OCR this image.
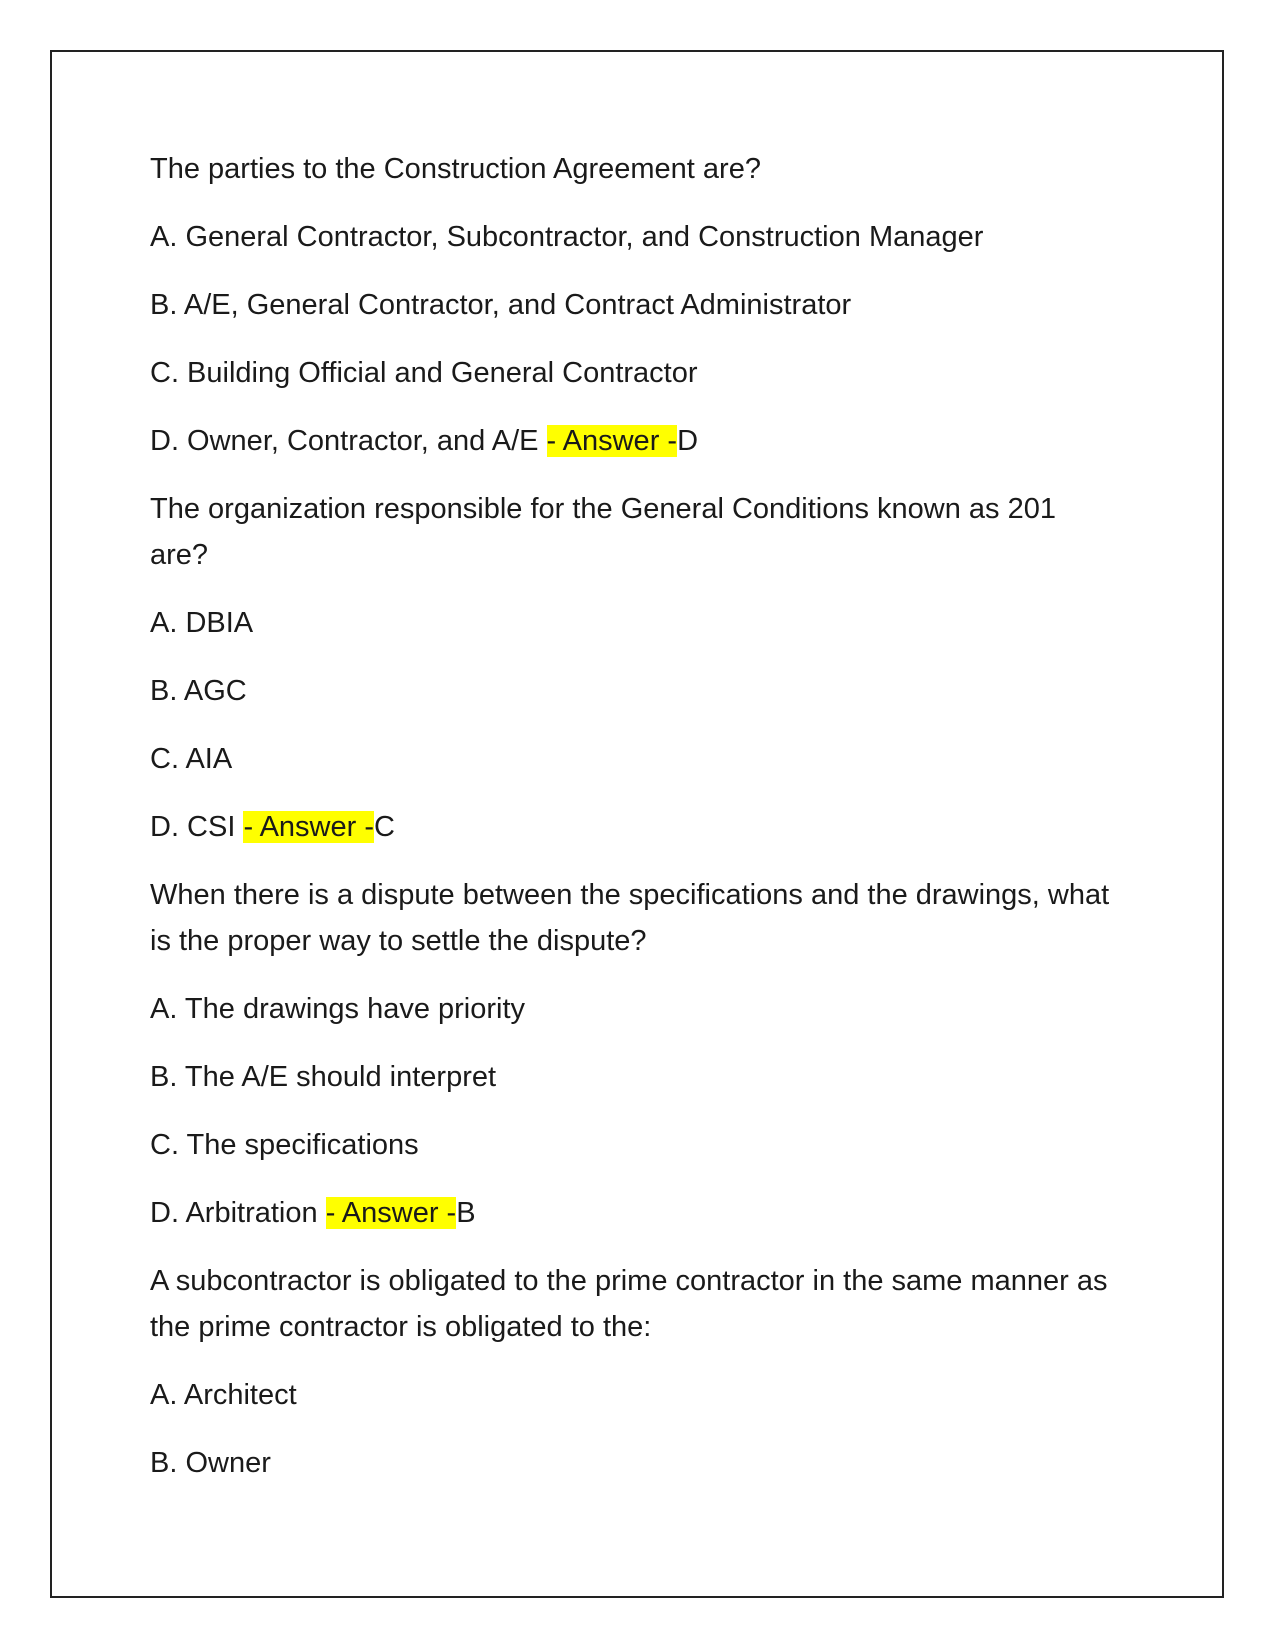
The parties to the Construction Agreement are?

A. General Contractor, Subcontractor, and Construction Manager

B. A/E, General Contractor, and Contract Administrator

C. Building Official and General Contractor

D. Owner, Contractor, and A/E - Answer -D

The organization responsible for the General Conditions known as 201 are?

A. DBIA

B. AGC

C. AIA

D. CSI - Answer -C

When there is a dispute between the specifications and the drawings, what is the proper way to settle the dispute?

A. The drawings have priority

B. The A/E should interpret

C. The specifications

D. Arbitration - Answer -B

A subcontractor is obligated to the prime contractor in the same manner as the prime contractor is obligated to the:

A. Architect

B. Owner
